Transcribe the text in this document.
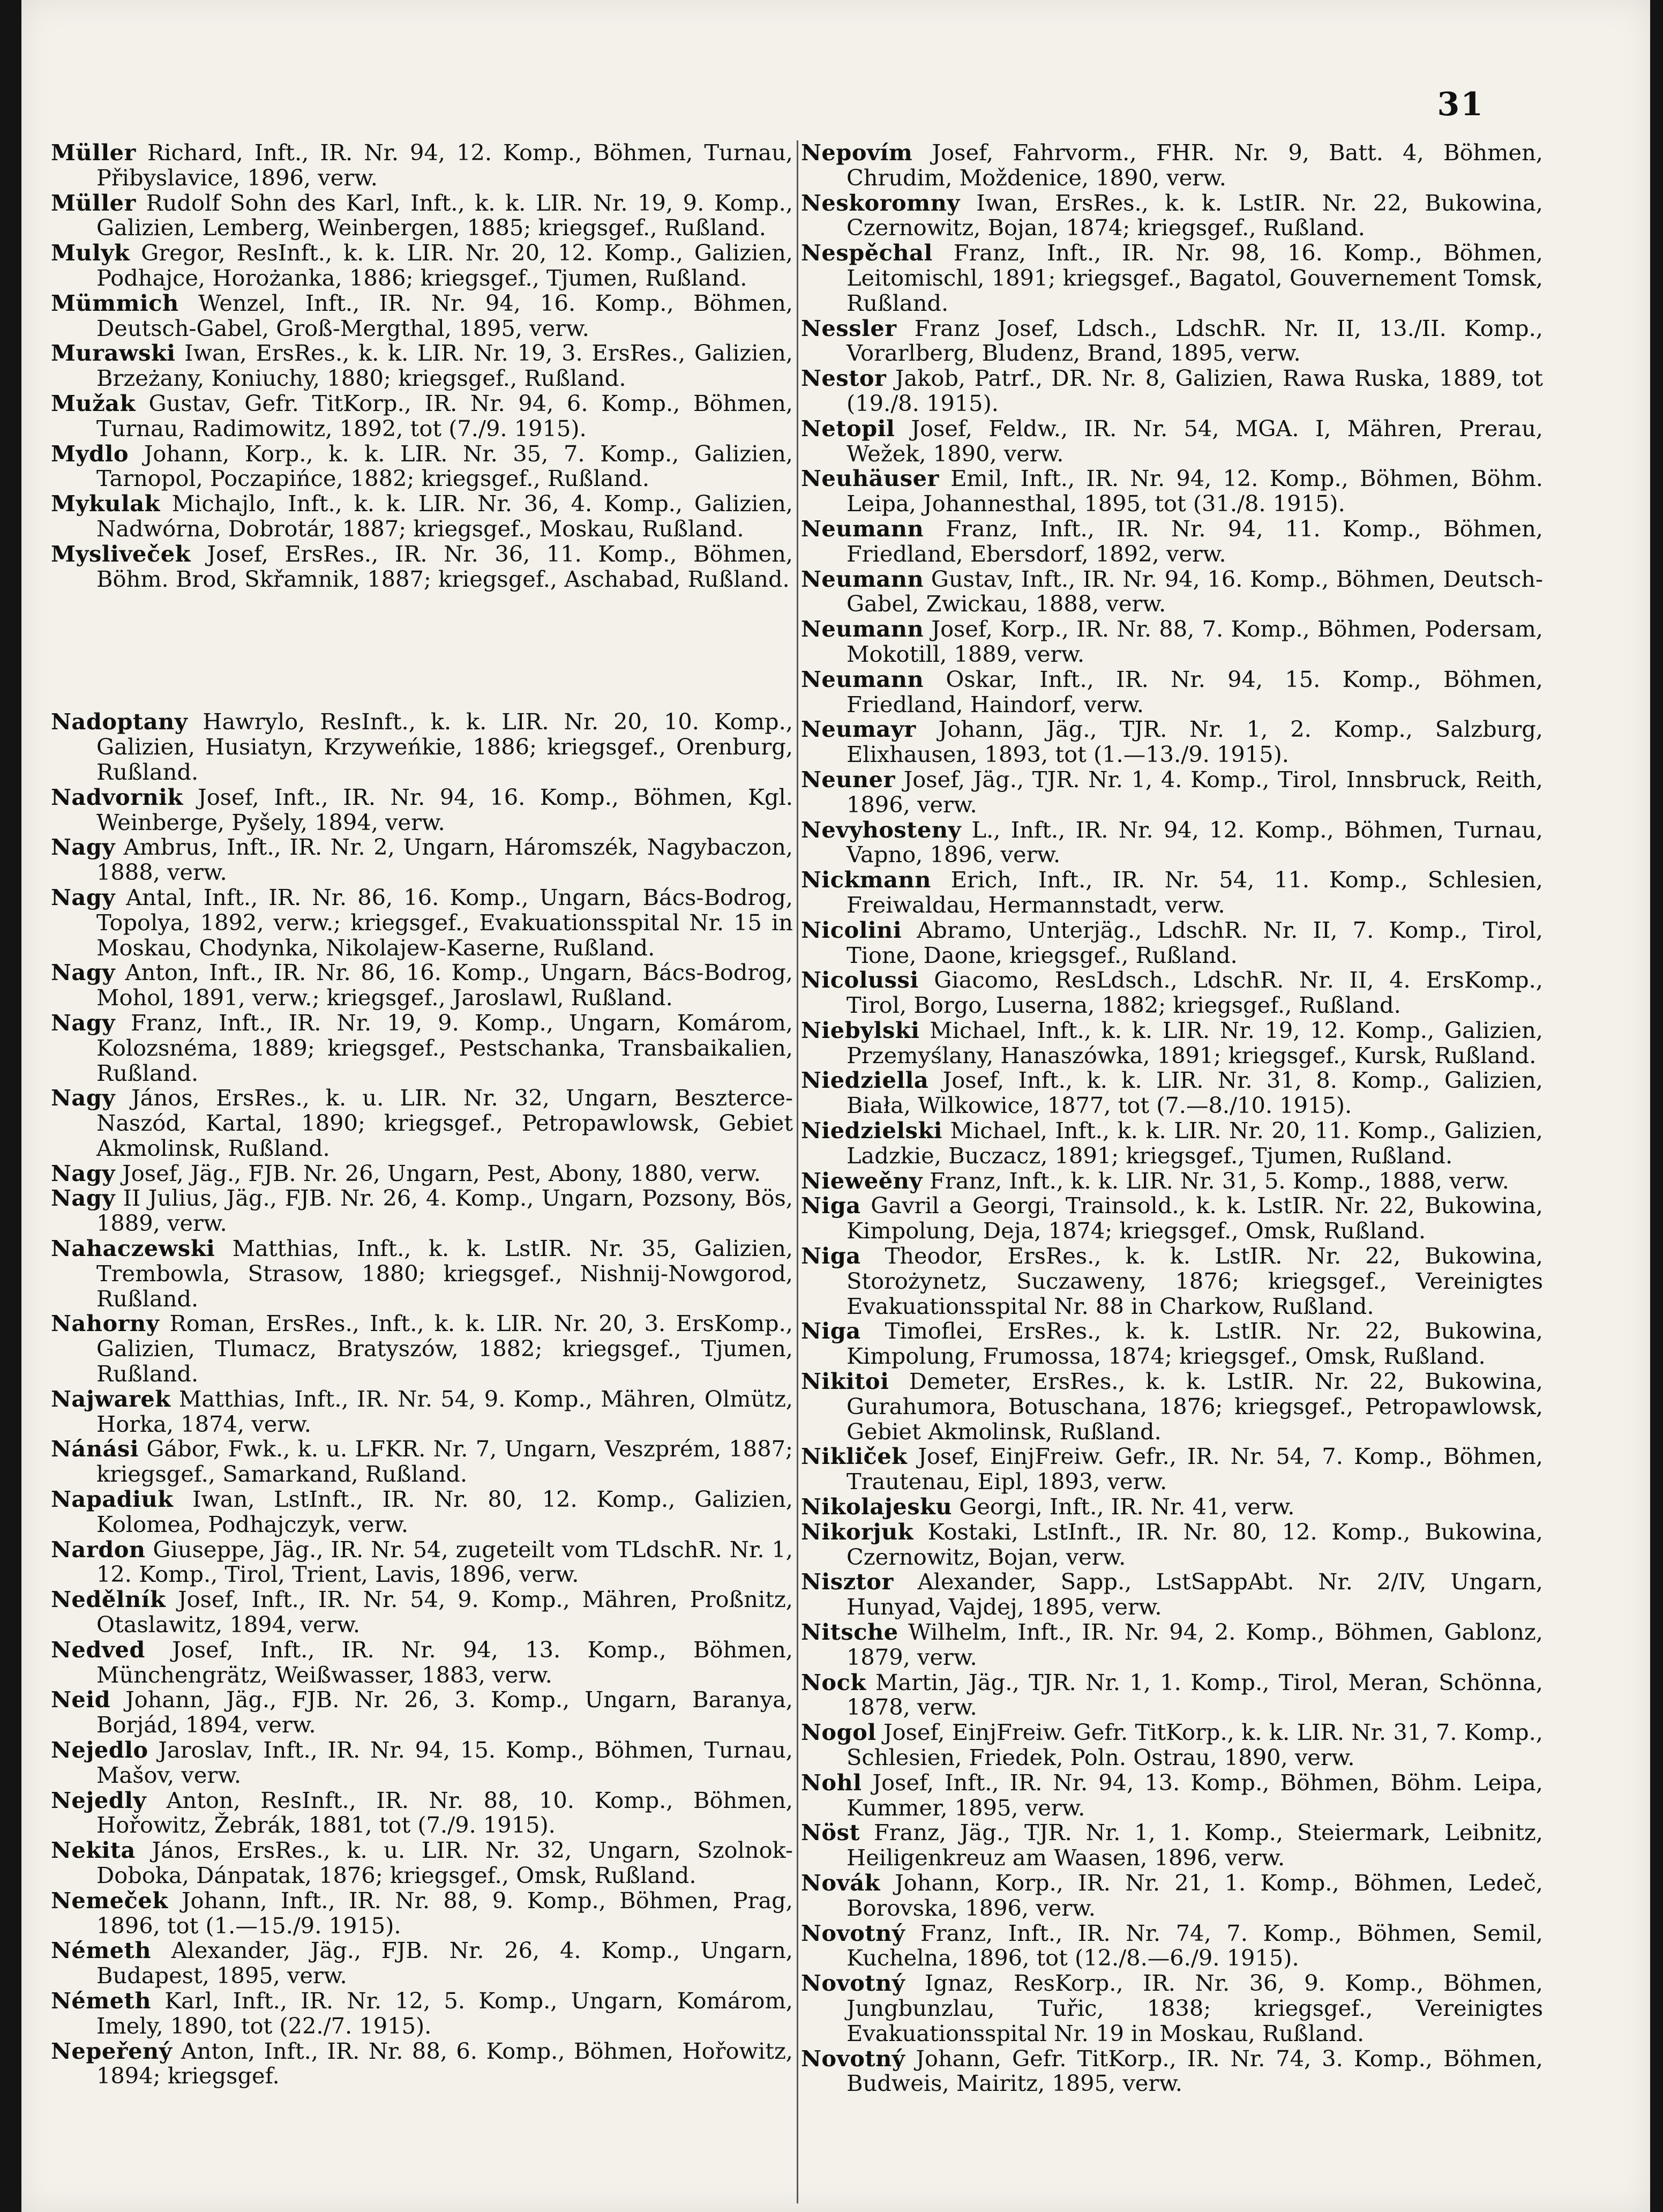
31

Müller Richard, Inft., IR. Nr. 94, 12. Komp., Böhmen, Turnau, Přibyslavice, 1896, verw.

Müller Rudolf Sohn des Karl, Inft., k. k. LIR. Nr. 19, 9. Komp., Galizien, Lemberg, Weinbergen, 1885; kriegsgef., Rußland.

Mulyk Gregor, ResInft., k. k. LIR. Nr. 20, 12. Komp., Galizien, Podhajce, Horożanka, 1886; kriegsgef., Tjumen, Rußland.

Mümmich Wenzel, Inft., IR. Nr. 94, 16. Komp., Böhmen, Deutsch-Gabel, Groß-Mergthal, 1895, verw.

Murawski Iwan, ErsRes., k. k. LIR. Nr. 19, 3. ErsRes., Galizien, Brzeżany, Koniuchy, 1880; kriegsgef., Rußland.

Mužak Gustav, Gefr. TitKorp., IR. Nr. 94, 6. Komp., Böhmen, Turnau, Radimowitz, 1892, tot (7./9. 1915).

Mydlo Johann, Korp., k. k. LIR. Nr. 35, 7. Komp., Galizien, Tarnopol, Poczapińce, 1882; kriegsgef., Rußland.

Mykulak Michajlo, Inft., k. k. LIR. Nr. 36, 4. Komp., Galizien, Nadwórna, Dobrotár, 1887; kriegsgef., Moskau, Rußland.

Mysliveček Josef, ErsRes., IR. Nr. 36, 11. Komp., Böhmen, Böhm. Brod, Skřamnik, 1887; kriegsgef., Aschabad, Rußland.

Nadoptany Hawrylo, ResInft., k. k. LIR. Nr. 20, 10. Komp., Galizien, Husiatyn, Krzyweńkie, 1886; kriegsgef., Orenburg, Rußland.

Nadvornik Josef, Inft., IR. Nr. 94, 16. Komp., Böhmen, Kgl. Weinberge, Pyšely, 1894, verw.

Nagy Ambrus, Inft., IR. Nr. 2, Ungarn, Háromszék, Nagybaczon, 1888, verw.

Nagy Antal, Inft., IR. Nr. 86, 16. Komp., Ungarn, Bács-Bodrog, Topolya, 1892, verw.; kriegsgef., Evakuationsspital Nr. 15 in Moskau, Chodynka, Nikolajew-Kaserne, Rußland.

Nagy Anton, Inft., IR. Nr. 86, 16. Komp., Ungarn, Bács-Bodrog, Mohol, 1891, verw.; kriegsgef., Jaroslawl, Rußland.

Nagy Franz, Inft., IR. Nr. 19, 9. Komp., Ungarn, Komárom, Kolozsnéma, 1889; kriegsgef., Pestschanka, Transbaikalien, Rußland.

Nagy János, ErsRes., k. u. LIR. Nr. 32, Ungarn, Beszterce-Naszód, Kartal, 1890; kriegsgef., Petropawlowsk, Gebiet Akmolinsk, Rußland.

Nagy Josef, Jäg., FJB. Nr. 26, Ungarn, Pest, Abony, 1880, verw.

Nagy II Julius, Jäg., FJB. Nr. 26, 4. Komp., Ungarn, Pozsony, Bös, 1889, verw.

Nahaczewski Matthias, Inft., k. k. LstIR. Nr. 35, Galizien, Trembowla, Strasow, 1880; kriegsgef., Nishnij-Nowgorod, Rußland.

Nahorny Roman, ErsRes., Inft., k. k. LIR. Nr. 20, 3. ErsKomp., Galizien, Tlumacz, Bratyszów, 1882; kriegsgef., Tjumen, Rußland.

Najwarek Matthias, Inft., IR. Nr. 54, 9. Komp., Mähren, Olmütz, Horka, 1874, verw.

Nánási Gábor, Fwk., k. u. LFKR. Nr. 7, Ungarn, Veszprém, 1887; kriegsgef., Samarkand, Rußland.

Napadiuk Iwan, LstInft., IR. Nr. 80, 12. Komp., Galizien, Kolomea, Podhajczyk, verw.

Nardon Giuseppe, Jäg., IR. Nr. 54, zugeteilt vom TLdschR. Nr. 1, 12. Komp., Tirol, Trient, Lavis, 1896, verw.

Nedělník Josef, Inft., IR. Nr. 54, 9. Komp., Mähren, Proßnitz, Otaslawitz, 1894, verw.

Nedved Josef, Inft., IR. Nr. 94, 13. Komp., Böhmen, Münchengrätz, Weißwasser, 1883, verw.

Neid Johann, Jäg., FJB. Nr. 26, 3. Komp., Ungarn, Baranya, Borjád, 1894, verw.

Nejedlo Jaroslav, Inft., IR. Nr. 94, 15. Komp., Böhmen, Turnau, Mašov, verw.

Nejedly Anton, ResInft., IR. Nr. 88, 10. Komp., Böhmen, Hořowitz, Žebrák, 1881, tot (7./9. 1915).

Nekita János, ErsRes., k. u. LIR. Nr. 32, Ungarn, Szolnok-Doboka, Dánpatak, 1876; kriegsgef., Omsk, Rußland.

Nemeček Johann, Inft., IR. Nr. 88, 9. Komp., Böhmen, Prag, 1896, tot (1.—15./9. 1915).

Németh Alexander, Jäg., FJB. Nr. 26, 4. Komp., Ungarn, Budapest, 1895, verw.

Németh Karl, Inft., IR. Nr. 12, 5. Komp., Ungarn, Komárom, Imely, 1890, tot (22./7. 1915).

Nepeřený Anton, Inft., IR. Nr. 88, 6. Komp., Böhmen, Hořowitz, 1894; kriegsgef.

Nepovím Josef, Fahrvorm., FHR. Nr. 9, Batt. 4, Böhmen, Chrudim, Moždenice, 1890, verw.

Neskoromny Iwan, ErsRes., k. k. LstIR. Nr. 22, Bukowina, Czernowitz, Bojan, 1874; kriegsgef., Rußland.

Nespěchal Franz, Inft., IR. Nr. 98, 16. Komp., Böhmen, Leitomischl, 1891; kriegsgef., Bagatol, Gouvernement Tomsk, Rußland.

Nessler Franz Josef, Ldsch., LdschR. Nr. II, 13./II. Komp., Vorarlberg, Bludenz, Brand, 1895, verw.

Nestor Jakob, Patrf., DR. Nr. 8, Galizien, Rawa Ruska, 1889, tot (19./8. 1915).

Netopil Josef, Feldw., IR. Nr. 54, MGA. I, Mähren, Prerau, Wežek, 1890, verw.

Neuhäuser Emil, Inft., IR. Nr. 94, 12. Komp., Böhmen, Böhm. Leipa, Johannesthal, 1895, tot (31./8. 1915).

Neumann Franz, Inft., IR. Nr. 94, 11. Komp., Böhmen, Friedland, Ebersdorf, 1892, verw.

Neumann Gustav, Inft., IR. Nr. 94, 16. Komp., Böhmen, Deutsch-Gabel, Zwickau, 1888, verw.

Neumann Josef, Korp., IR. Nr. 88, 7. Komp., Böhmen, Podersam, Mokotill, 1889, verw.

Neumann Oskar, Inft., IR. Nr. 94, 15. Komp., Böhmen, Friedland, Haindorf, verw.

Neumayr Johann, Jäg., TJR. Nr. 1, 2. Komp., Salzburg, Elixhausen, 1893, tot (1.—13./9. 1915).

Neuner Josef, Jäg., TJR. Nr. 1, 4. Komp., Tirol, Innsbruck, Reith, 1896, verw.

Nevyhosteny L., Inft., IR. Nr. 94, 12. Komp., Böhmen, Turnau, Vapno, 1896, verw.

Nickmann Erich, Inft., IR. Nr. 54, 11. Komp., Schlesien, Freiwaldau, Hermannstadt, verw.

Nicolini Abramo, Unterjäg., LdschR. Nr. II, 7. Komp., Tirol, Tione, Daone, kriegsgef., Rußland.

Nicolussi Giacomo, ResLdsch., LdschR. Nr. II, 4. ErsKomp., Tirol, Borgo, Luserna, 1882; kriegsgef., Rußland.

Niebylski Michael, Inft., k. k. LIR. Nr. 19, 12. Komp., Galizien, Przemyślany, Hanaszówka, 1891; kriegsgef., Kursk, Rußland.

Niedziella Josef, Inft., k. k. LIR. Nr. 31, 8. Komp., Galizien, Biała, Wilkowice, 1877, tot (7.—8./10. 1915).

Niedzielski Michael, Inft., k. k. LIR. Nr. 20, 11. Komp., Galizien, Ladzkie, Buczacz, 1891; kriegsgef., Tjumen, Rußland.

Nieweěny Franz, Inft., k. k. LIR. Nr. 31, 5. Komp., 1888, verw.

Niga Gavril a Georgi, Trainsold., k. k. LstIR. Nr. 22, Bukowina, Kimpolung, Deja, 1874; kriegsgef., Omsk, Rußland.

Niga Theodor, ErsRes., k. k. LstIR. Nr. 22, Bukowina, Storożynetz, Suczaweny, 1876; kriegsgef., Vereinigtes Evakuationsspital Nr. 88 in Charkow, Rußland.

Niga Timoflei, ErsRes., k. k. LstIR. Nr. 22, Bukowina, Kimpolung, Frumossa, 1874; kriegsgef., Omsk, Rußland.

Nikitoi Demeter, ErsRes., k. k. LstIR. Nr. 22, Bukowina, Gurahumora, Botuschana, 1876; kriegsgef., Petropawlowsk, Gebiet Akmolinsk, Rußland.

Nikliček Josef, EinjFreiw. Gefr., IR. Nr. 54, 7. Komp., Böhmen, Trautenau, Eipl, 1893, verw.

Nikolajesku Georgi, Inft., IR. Nr. 41, verw.

Nikorjuk Kostaki, LstInft., IR. Nr. 80, 12. Komp., Bukowina, Czernowitz, Bojan, verw.

Nisztor Alexander, Sapp., LstSappAbt. Nr. 2/IV, Ungarn, Hunyad, Vajdej, 1895, verw.

Nitsche Wilhelm, Inft., IR. Nr. 94, 2. Komp., Böhmen, Gablonz, 1879, verw.

Nock Martin, Jäg., TJR. Nr. 1, 1. Komp., Tirol, Meran, Schönna, 1878, verw.

Nogol Josef, EinjFreiw. Gefr. TitKorp., k. k. LIR. Nr. 31, 7. Komp., Schlesien, Friedek, Poln. Ostrau, 1890, verw.

Nohl Josef, Inft., IR. Nr. 94, 13. Komp., Böhmen, Böhm. Leipa, Kummer, 1895, verw.

Nöst Franz, Jäg., TJR. Nr. 1, 1. Komp., Steiermark, Leibnitz, Heiligenkreuz am Waasen, 1896, verw.

Novák Johann, Korp., IR. Nr. 21, 1. Komp., Böhmen, Ledeč, Borovska, 1896, verw.

Novotný Franz, Inft., IR. Nr. 74, 7. Komp., Böhmen, Semil, Kuchelna, 1896, tot (12./8.—6./9. 1915).

Novotný Ignaz, ResKorp., IR. Nr. 36, 9. Komp., Böhmen, Jungbunzlau, Tuřic, 1838; kriegsgef., Vereinigtes Evakuationsspital Nr. 19 in Moskau, Rußland.

Novotný Johann, Gefr. TitKorp., IR. Nr. 74, 3. Komp., Böhmen, Budweis, Mairitz, 1895, verw.
